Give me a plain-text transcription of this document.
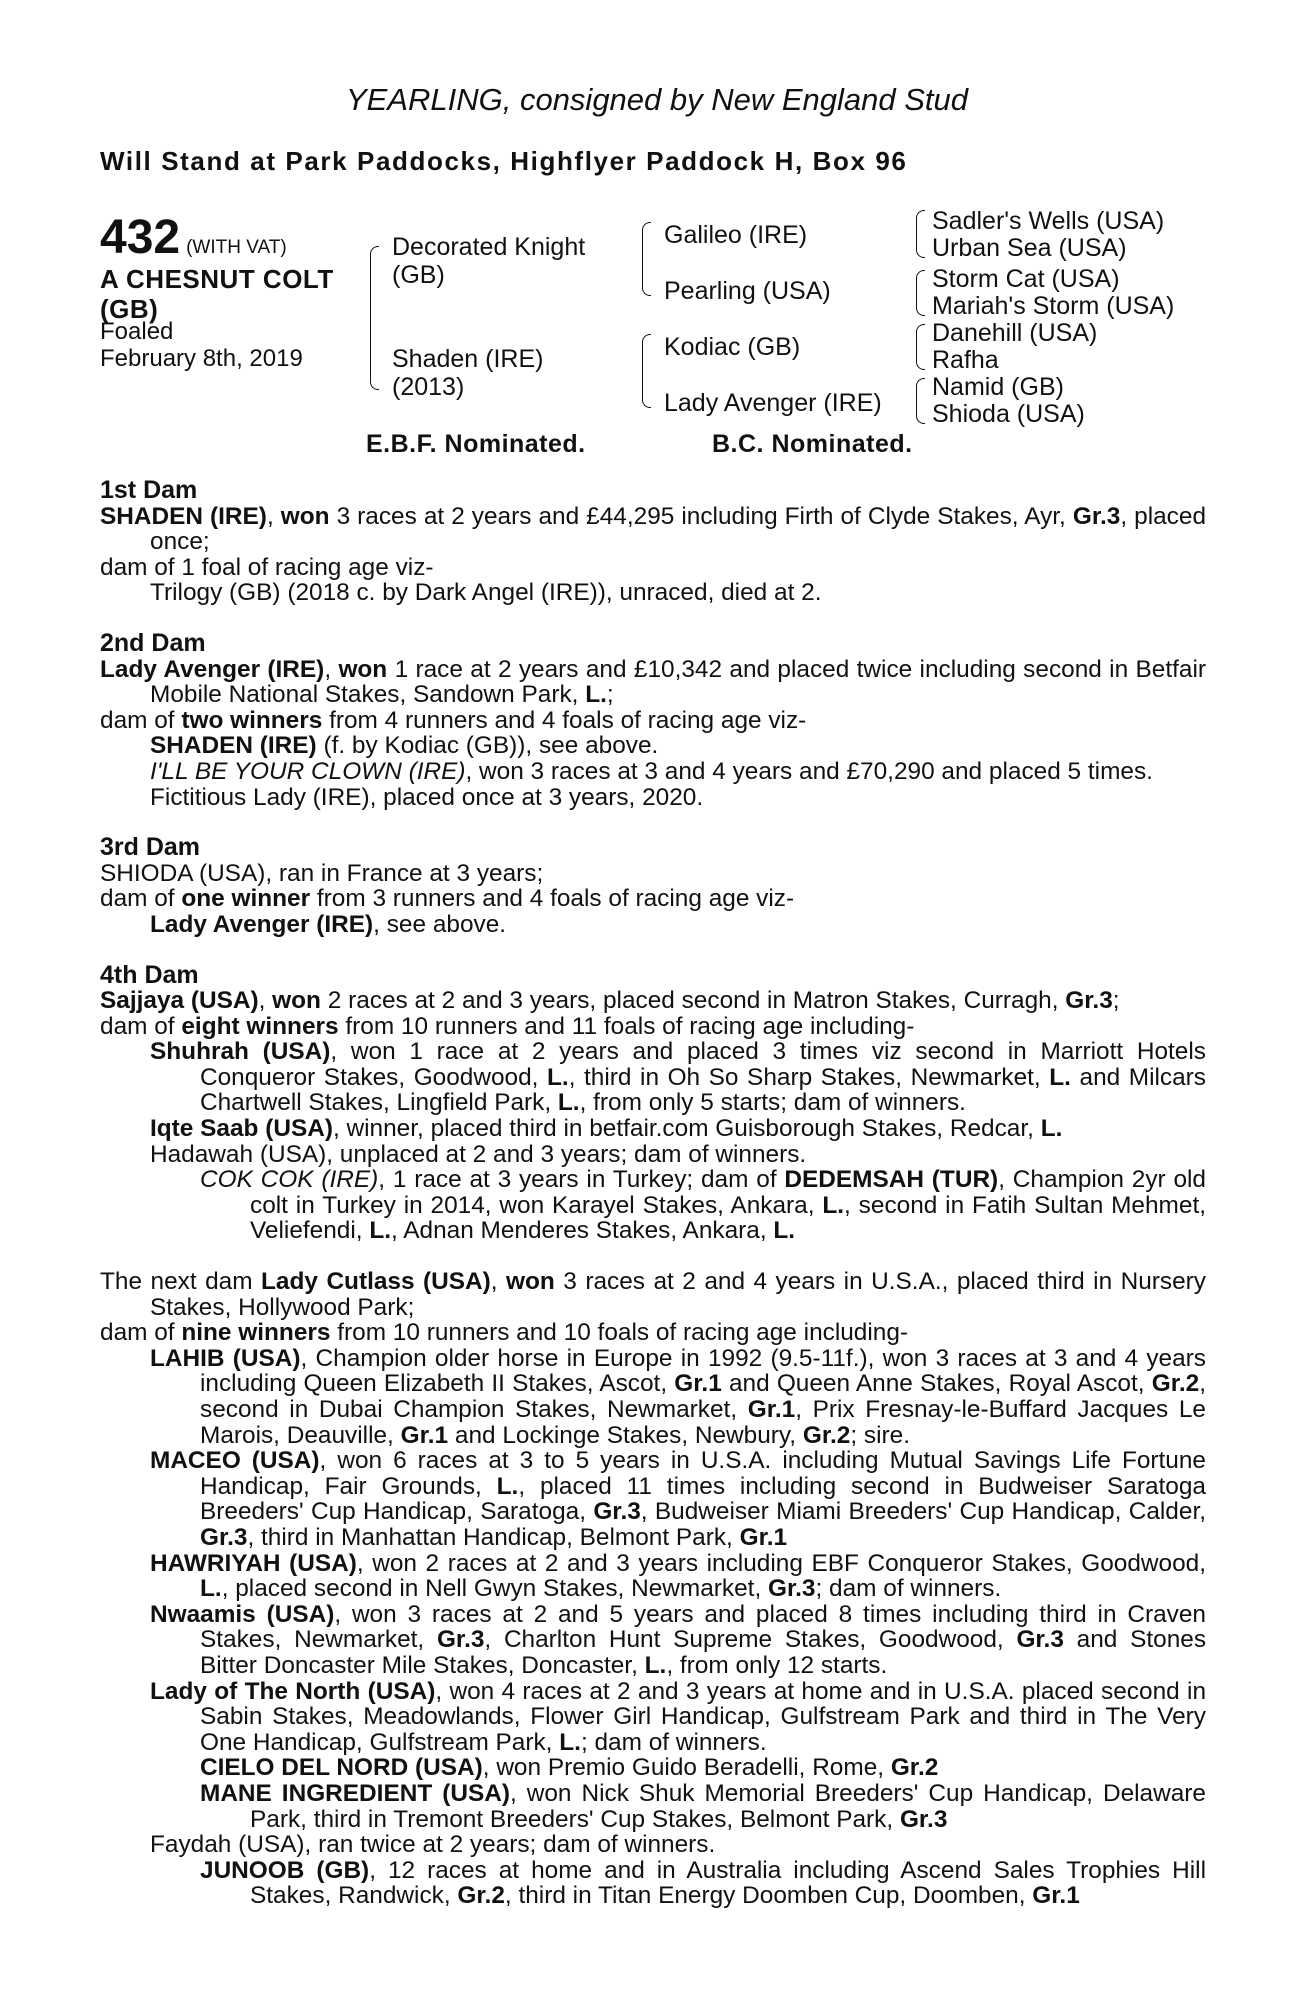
YEARLING, consigned by New England Stud
Will Stand at Park Paddocks, Highflyer Paddock H, Box 96
432 (WITH VAT)
A CHESNUT COLT
(GB)
Foaled
February 8th, 2019
Decorated Knight
(GB)
Shaden (IRE)
(2013)
Galileo (IRE)
Pearling (USA)
Kodiac (GB)
Lady Avenger (IRE)
Sadler's Wells (USA)
Urban Sea (USA)
Storm Cat (USA)
Mariah's Storm (USA)
Danehill (USA)
Rafha
Namid (GB)
Shioda (USA)
E.B.F. Nominated.	B.C. Nominated.
1st Dam

SHADEN (IRE), won 3 races at 2 years and £44,295 including Firth of Clyde Stakes, Ayr, Gr.3, placed once;

dam of 1 foal of racing age viz-

Trilogy (GB) (2018 c. by Dark Angel (IRE)), unraced, died at 2.

2nd Dam

Lady Avenger (IRE), won 1 race at 2 years and £10,342 and placed twice including second in Betfair Mobile National Stakes, Sandown Park, L.;

dam of two winners from 4 runners and 4 foals of racing age viz-

SHADEN (IRE) (f. by Kodiac (GB)), see above.

I'LL BE YOUR CLOWN (IRE), won 3 races at 3 and 4 years and £70,290 and placed 5 times.

Fictitious Lady (IRE), placed once at 3 years, 2020.

3rd Dam

SHIODA (USA), ran in France at 3 years;

dam of one winner from 3 runners and 4 foals of racing age viz-

Lady Avenger (IRE), see above.

4th Dam

Sajjaya (USA), won 2 races at 2 and 3 years, placed second in Matron Stakes, Curragh, Gr.3;

dam of eight winners from 10 runners and 11 foals of racing age including-

Shuhrah (USA), won 1 race at 2 years and placed 3 times viz second in Marriott Hotels Conqueror Stakes, Goodwood, L., third in Oh So Sharp Stakes, Newmarket, L. and Milcars Chartwell Stakes, Lingfield Park, L., from only 5 starts; dam of winners.

Iqte Saab (USA), winner, placed third in betfair.com Guisborough Stakes, Redcar, L.

Hadawah (USA), unplaced at 2 and 3 years; dam of winners.

COK COK (IRE), 1 race at 3 years in Turkey; dam of DEDEMSAH (TUR), Champion 2yr old colt in Turkey in 2014, won Karayel Stakes, Ankara, L., second in Fatih Sultan Mehmet, Veliefendi, L., Adnan Menderes Stakes, Ankara, L.

The next dam Lady Cutlass (USA), won 3 races at 2 and 4 years in U.S.A., placed third in Nursery Stakes, Hollywood Park;

dam of nine winners from 10 runners and 10 foals of racing age including-

LAHIB (USA), Champion older horse in Europe in 1992 (9.5-11f.), won 3 races at 3 and 4 years including Queen Elizabeth II Stakes, Ascot, Gr.1 and Queen Anne Stakes, Royal Ascot, Gr.2, second in Dubai Champion Stakes, Newmarket, Gr.1, Prix Fresnay-le-Buffard Jacques Le Marois, Deauville, Gr.1 and Lockinge Stakes, Newbury, Gr.2; sire.

MACEO (USA), won 6 races at 3 to 5 years in U.S.A. including Mutual Savings Life Fortune Handicap, Fair Grounds, L., placed 11 times including second in Budweiser Saratoga Breeders' Cup Handicap, Saratoga, Gr.3, Budweiser Miami Breeders' Cup Handicap, Calder, Gr.3, third in Manhattan Handicap, Belmont Park, Gr.1

HAWRIYAH (USA), won 2 races at 2 and 3 years including EBF Conqueror Stakes, Goodwood, L., placed second in Nell Gwyn Stakes, Newmarket, Gr.3; dam of winners.

Nwaamis (USA), won 3 races at 2 and 5 years and placed 8 times including third in Craven Stakes, Newmarket, Gr.3, Charlton Hunt Supreme Stakes, Goodwood, Gr.3 and Stones Bitter Doncaster Mile Stakes, Doncaster, L., from only 12 starts.

Lady of The North (USA), won 4 races at 2 and 3 years at home and in U.S.A. placed second in Sabin Stakes, Meadowlands, Flower Girl Handicap, Gulfstream Park and third in The Very One Handicap, Gulfstream Park, L.; dam of winners.

CIELO DEL NORD (USA), won Premio Guido Beradelli, Rome, Gr.2

MANE INGREDIENT (USA), won Nick Shuk Memorial Breeders' Cup Handicap, Delaware Park, third in Tremont Breeders' Cup Stakes, Belmont Park, Gr.3

Faydah (USA), ran twice at 2 years; dam of winners.

JUNOOB (GB), 12 races at home and in Australia including Ascend Sales Trophies Hill Stakes, Randwick, Gr.2, third in Titan Energy Doomben Cup, Doomben, Gr.1
